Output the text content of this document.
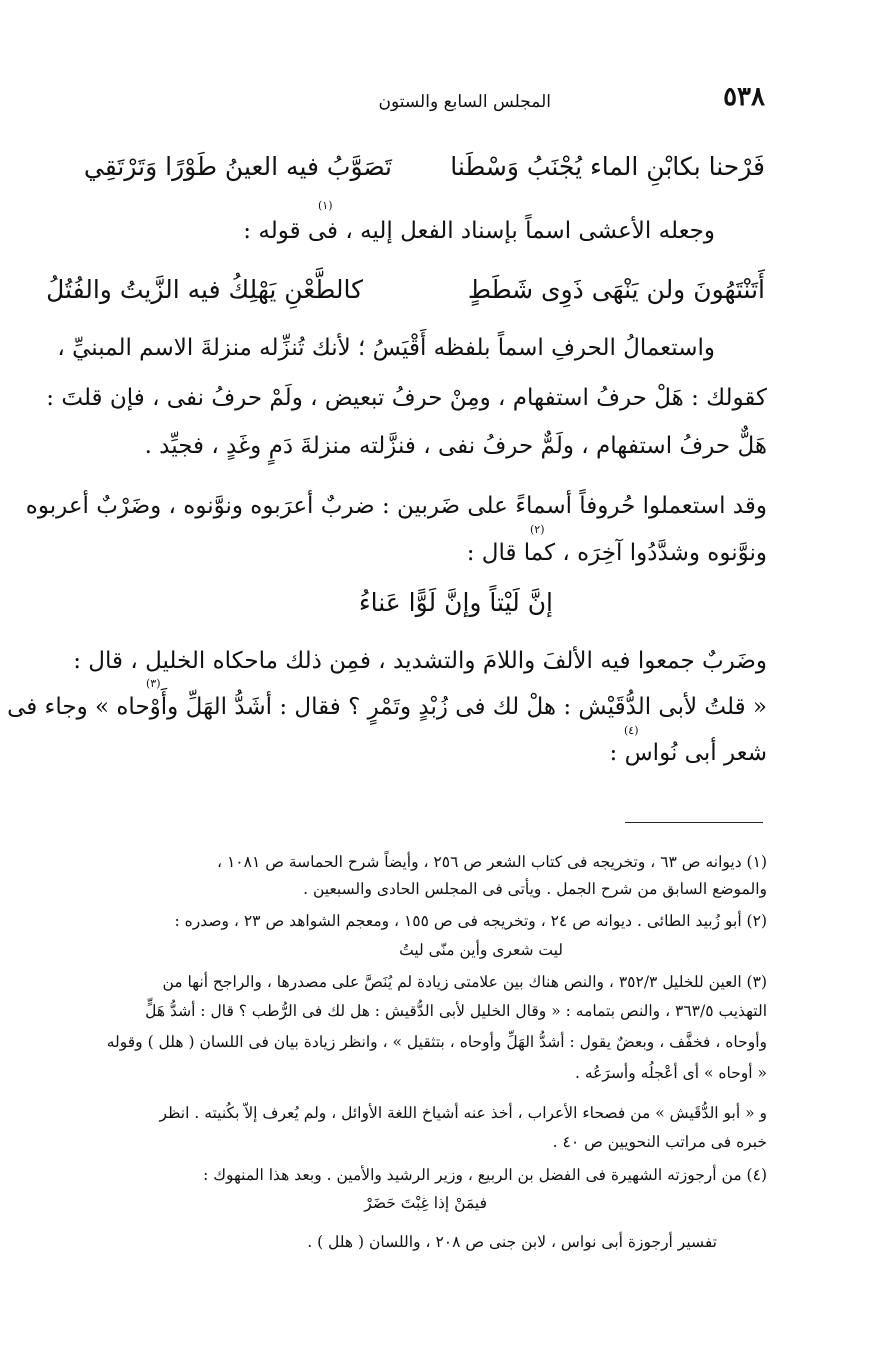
المجلس السابع والستون	٥٣٨
فَرْحنا بكابْنِ الماء يُجْنَبُ وَسْطَنا
تَصَوَّبُ فيه العينُ طَوْرًا وَتَرْتَقِي
(١)
وجعله الأعشى اسماً بإسناد الفعل إليه ، فى قوله :
أَتَنْتَهُونَ ولن يَنْهَى ذَوِى شَطَطٍ
كالطَّعْنِ يَهْلِكُ فيه الزَّيتُ والفُتُلُ
واستعمالُ الحرفِ اسماً بلفظه أَقْيَسُ ؛ لأنك تُنزِّله منزلةَ الاسم المبنيِّ ،
كقولك : هَلْ حرفُ استفهام ، ومِنْ حرفُ تبعيض ، ولَمْ حرفُ نفى ، فإن قلتَ :
هَلٌّ حرفُ استفهام ، ولَمٌّ حرفُ نفى ، فنزَّلته منزلةَ دَمٍ وغَدٍ ، فجيِّد .
وقد استعملوا حُروفاً أسماءً على ضَربين : ضربٌ أعرَبوه ونوَّنوه ، وضَرْبٌ أعربوه
(٢)
ونوَّنوه وشدَّدُوا آخِرَه ، كما قال :
إنَّ لَيْتاً وإنَّ لَوًّا عَناءُ
وضَربٌ جمعوا فيه الألفَ واللامَ والتشديد ، فمِن ذلك ماحكاه الخليل ، قال :
(٣)
« قلتُ لأبى الدُّقَيْش : هلْ لك فى زُبْدٍ وتَمْرٍ ؟ فقال : أشَدُّ الهَلِّ وأَوْحاه » وجاء فى
(٤)
شعر أبى نُواس :
(١) ديوانه ص ٦٣ ، وتخريجه فى كتاب الشعر ص ٢٥٦ ، وأيضاً شرح الحماسة ص ١٠٨١ ،
والموضع السابق من شرح الجمل . ويأتى فى المجلس الحادى والسبعين .
(٢) أبو زُبيد الطائى . ديوانه ص ٢٤ ، وتخريجه فى ص ١٥٥ ، ومعجم الشواهد ص ٢٣ ، وصدره :
ليت شعرى وأين منّى ليتُ
(٣) العين للخليل ٣٥٢/٣ ، والنص هناك بين علامتى زيادة لم يُنَصَّ على مصدرها ، والراجح أنها من
التهذيب ٣٦٣/٥ ، والنص بتمامه : « وقال الخليل لأبى الدُّقيش : هل لك فى الرُّطب ؟ قال : أشدُّ هَلٍّ
وأوحاه ، فخفَّف ، وبعضٌ يقول : أشدُّ الهَلِّ وأوحاه ، بتثقيل » ، وانظر زيادة بيان فى اللسان ( هلل ) وقوله
« أوحاه » أى أعْجلُه وأسرَعُه .
و « أبو الدُّقَيش » من فصحاء الأعراب ، أخذ عنه أشياخ اللغة الأوائل ، ولم يُعرف إلاّ بكُنيته . انظر
خبره فى مراتب النحويين ص ٤٠ .
(٤) من أرجوزته الشهيرة فى الفضل بن الربيع ، وزير الرشيد والأمين . وبعد هذا المنهوك :
فيمَنْ إذا غِبْتَ حَضَرْ
تفسير أرجوزة أبى نواس ، لابن جنى ص ٢٠٨ ، واللسان ( هلل ) .
